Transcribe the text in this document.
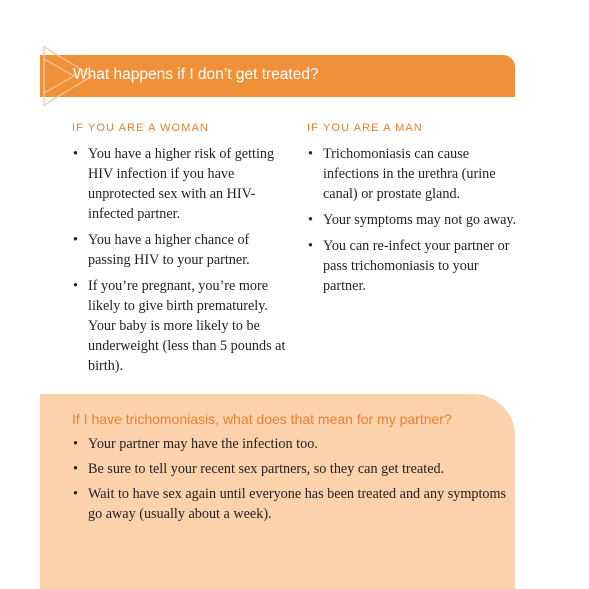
What happens if I don’t get treated?
IF YOU ARE A WOMAN
• You have a higher risk of getting HIV infection if you have unprotected sex with an HIV-infected partner.
• You have a higher chance of passing HIV to your partner.
• If you’re pregnant, you’re more likely to give birth prematurely. Your baby is more likely to be underweight (less than 5 pounds at birth).
IF YOU ARE A MAN
• Trichomoniasis can cause infections in the urethra (urine canal) or prostate gland.
• Your symptoms may not go away.
• You can re-infect your partner or pass trichomoniasis to your partner.
If I have trichomoniasis, what does that mean for my partner?
• Your partner may have the infection too.
• Be sure to tell your recent sex partners, so they can get treated.
• Wait to have sex again until everyone has been treated and any symptoms go away (usually about a week).
